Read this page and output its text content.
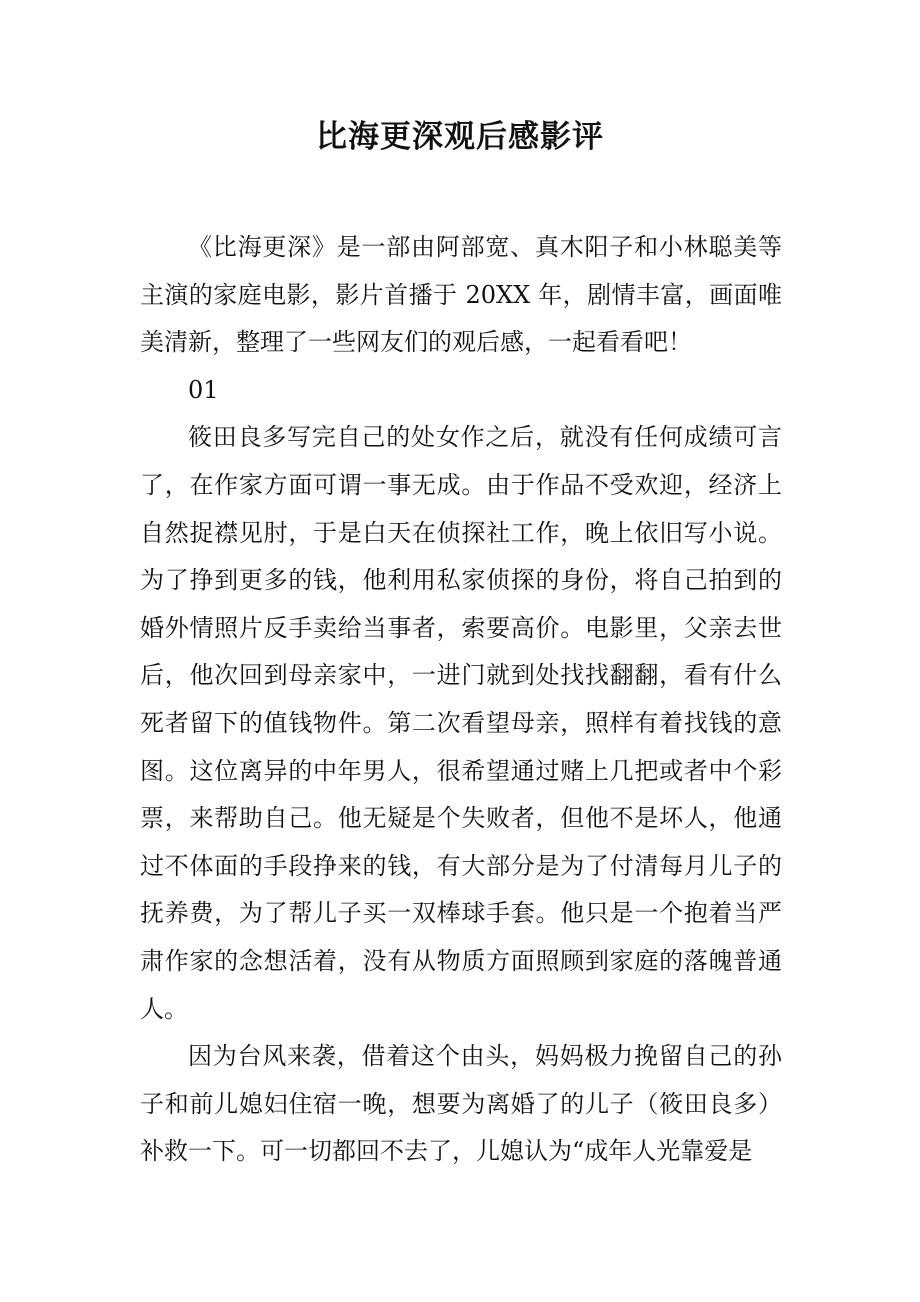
比海更深观后感影评

《比海更深》是一部由阿部宽、真木阳子和小林聪美等主演的家庭电影，影片首播于 20XX 年，剧情丰富，画面唯美清新，整理了一些网友们的观后感，一起看看吧！

01

筱田良多写完自己的处女作之后，就没有任何成绩可言了，在作家方面可谓一事无成。由于作品不受欢迎，经济上自然捉襟见肘，于是白天在侦探社工作，晚上依旧写小说。为了挣到更多的钱，他利用私家侦探的身份，将自己拍到的婚外情照片反手卖给当事者，索要高价。电影里，父亲去世后，他次回到母亲家中，一进门就到处找找翻翻，看有什么死者留下的值钱物件。第二次看望母亲，照样有着找钱的意图。这位离异的中年男人，很希望通过赌上几把或者中个彩票，来帮助自己。他无疑是个失败者，但他不是坏人，他通过不体面的手段挣来的钱，有大部分是为了付清每月儿子的抚养费，为了帮儿子买一双棒球手套。他只是一个抱着当严肃作家的念想活着，没有从物质方面照顾到家庭的落魄普通人。

因为台风来袭，借着这个由头，妈妈极力挽留自己的孙子和前儿媳妇住宿一晚，想要为离婚了的儿子（筱田良多）补救一下。可一切都回不去了，儿媳认为“成年人光靠爱是
